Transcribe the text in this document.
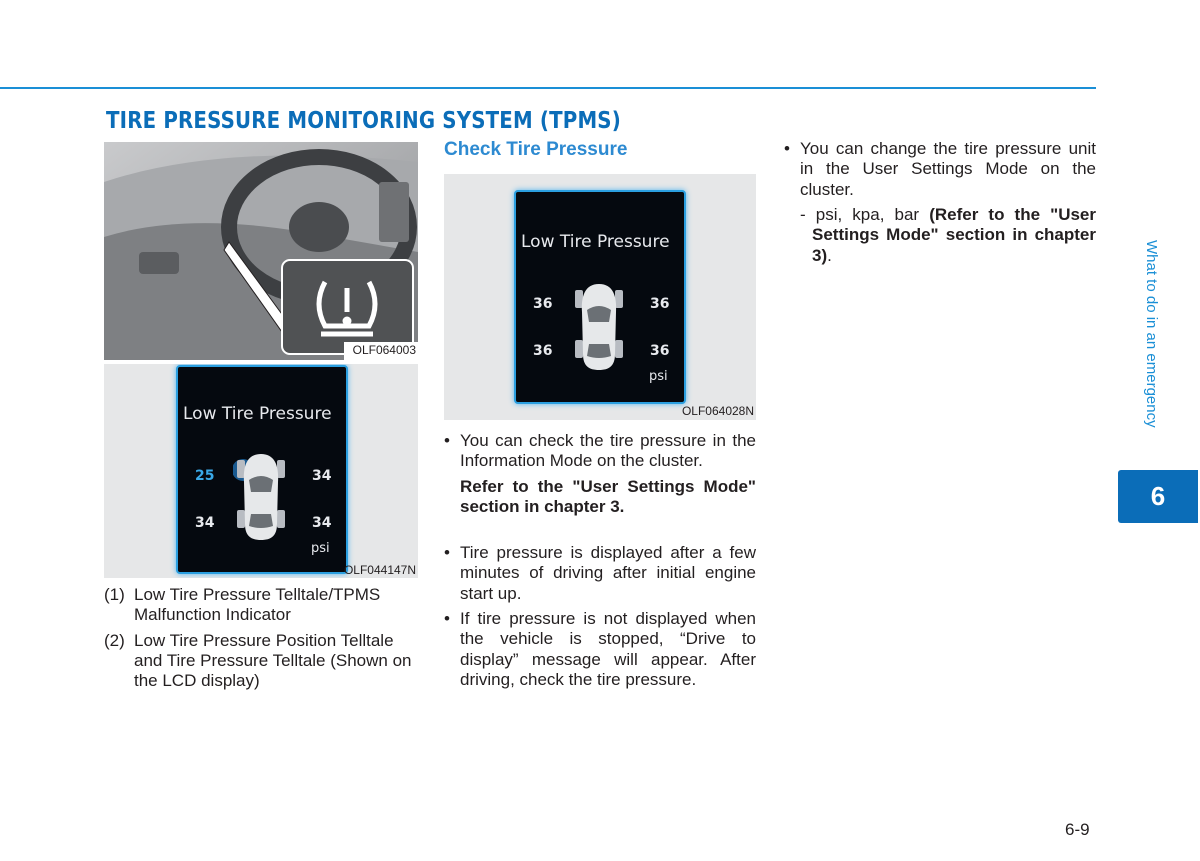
TIRE PRESSURE MONITORING SYSTEM (TPMS)
OLF064003
Low Tire Pressure
25	34
34	34
psi
OLF044147N
(1) Low Tire Pressure Telltale/TPMS Malfunction Indicator
(2) Low Tire Pressure Position Telltale and Tire Pressure Telltale (Shown on the LCD display)
Check Tire Pressure
Low Tire Pressure
36	36
36	36
psi
OLF064028N
• You can check the tire pressure in the Information Mode on the cluster.
Refer to the "User Settings Mode" section in chapter 3.
• Tire pressure is displayed after a few minutes of driving after initial engine start up.
• If tire pressure is not displayed when the vehicle is stopped, “Drive to display” message will appear. After driving, check the tire pressure.
• You can change the tire pressure unit in the User Settings Mode on the cluster.
- psi, kpa, bar (Refer to the "User Settings Mode" section in chapter 3).	What to do in an emergency
6
6-9
